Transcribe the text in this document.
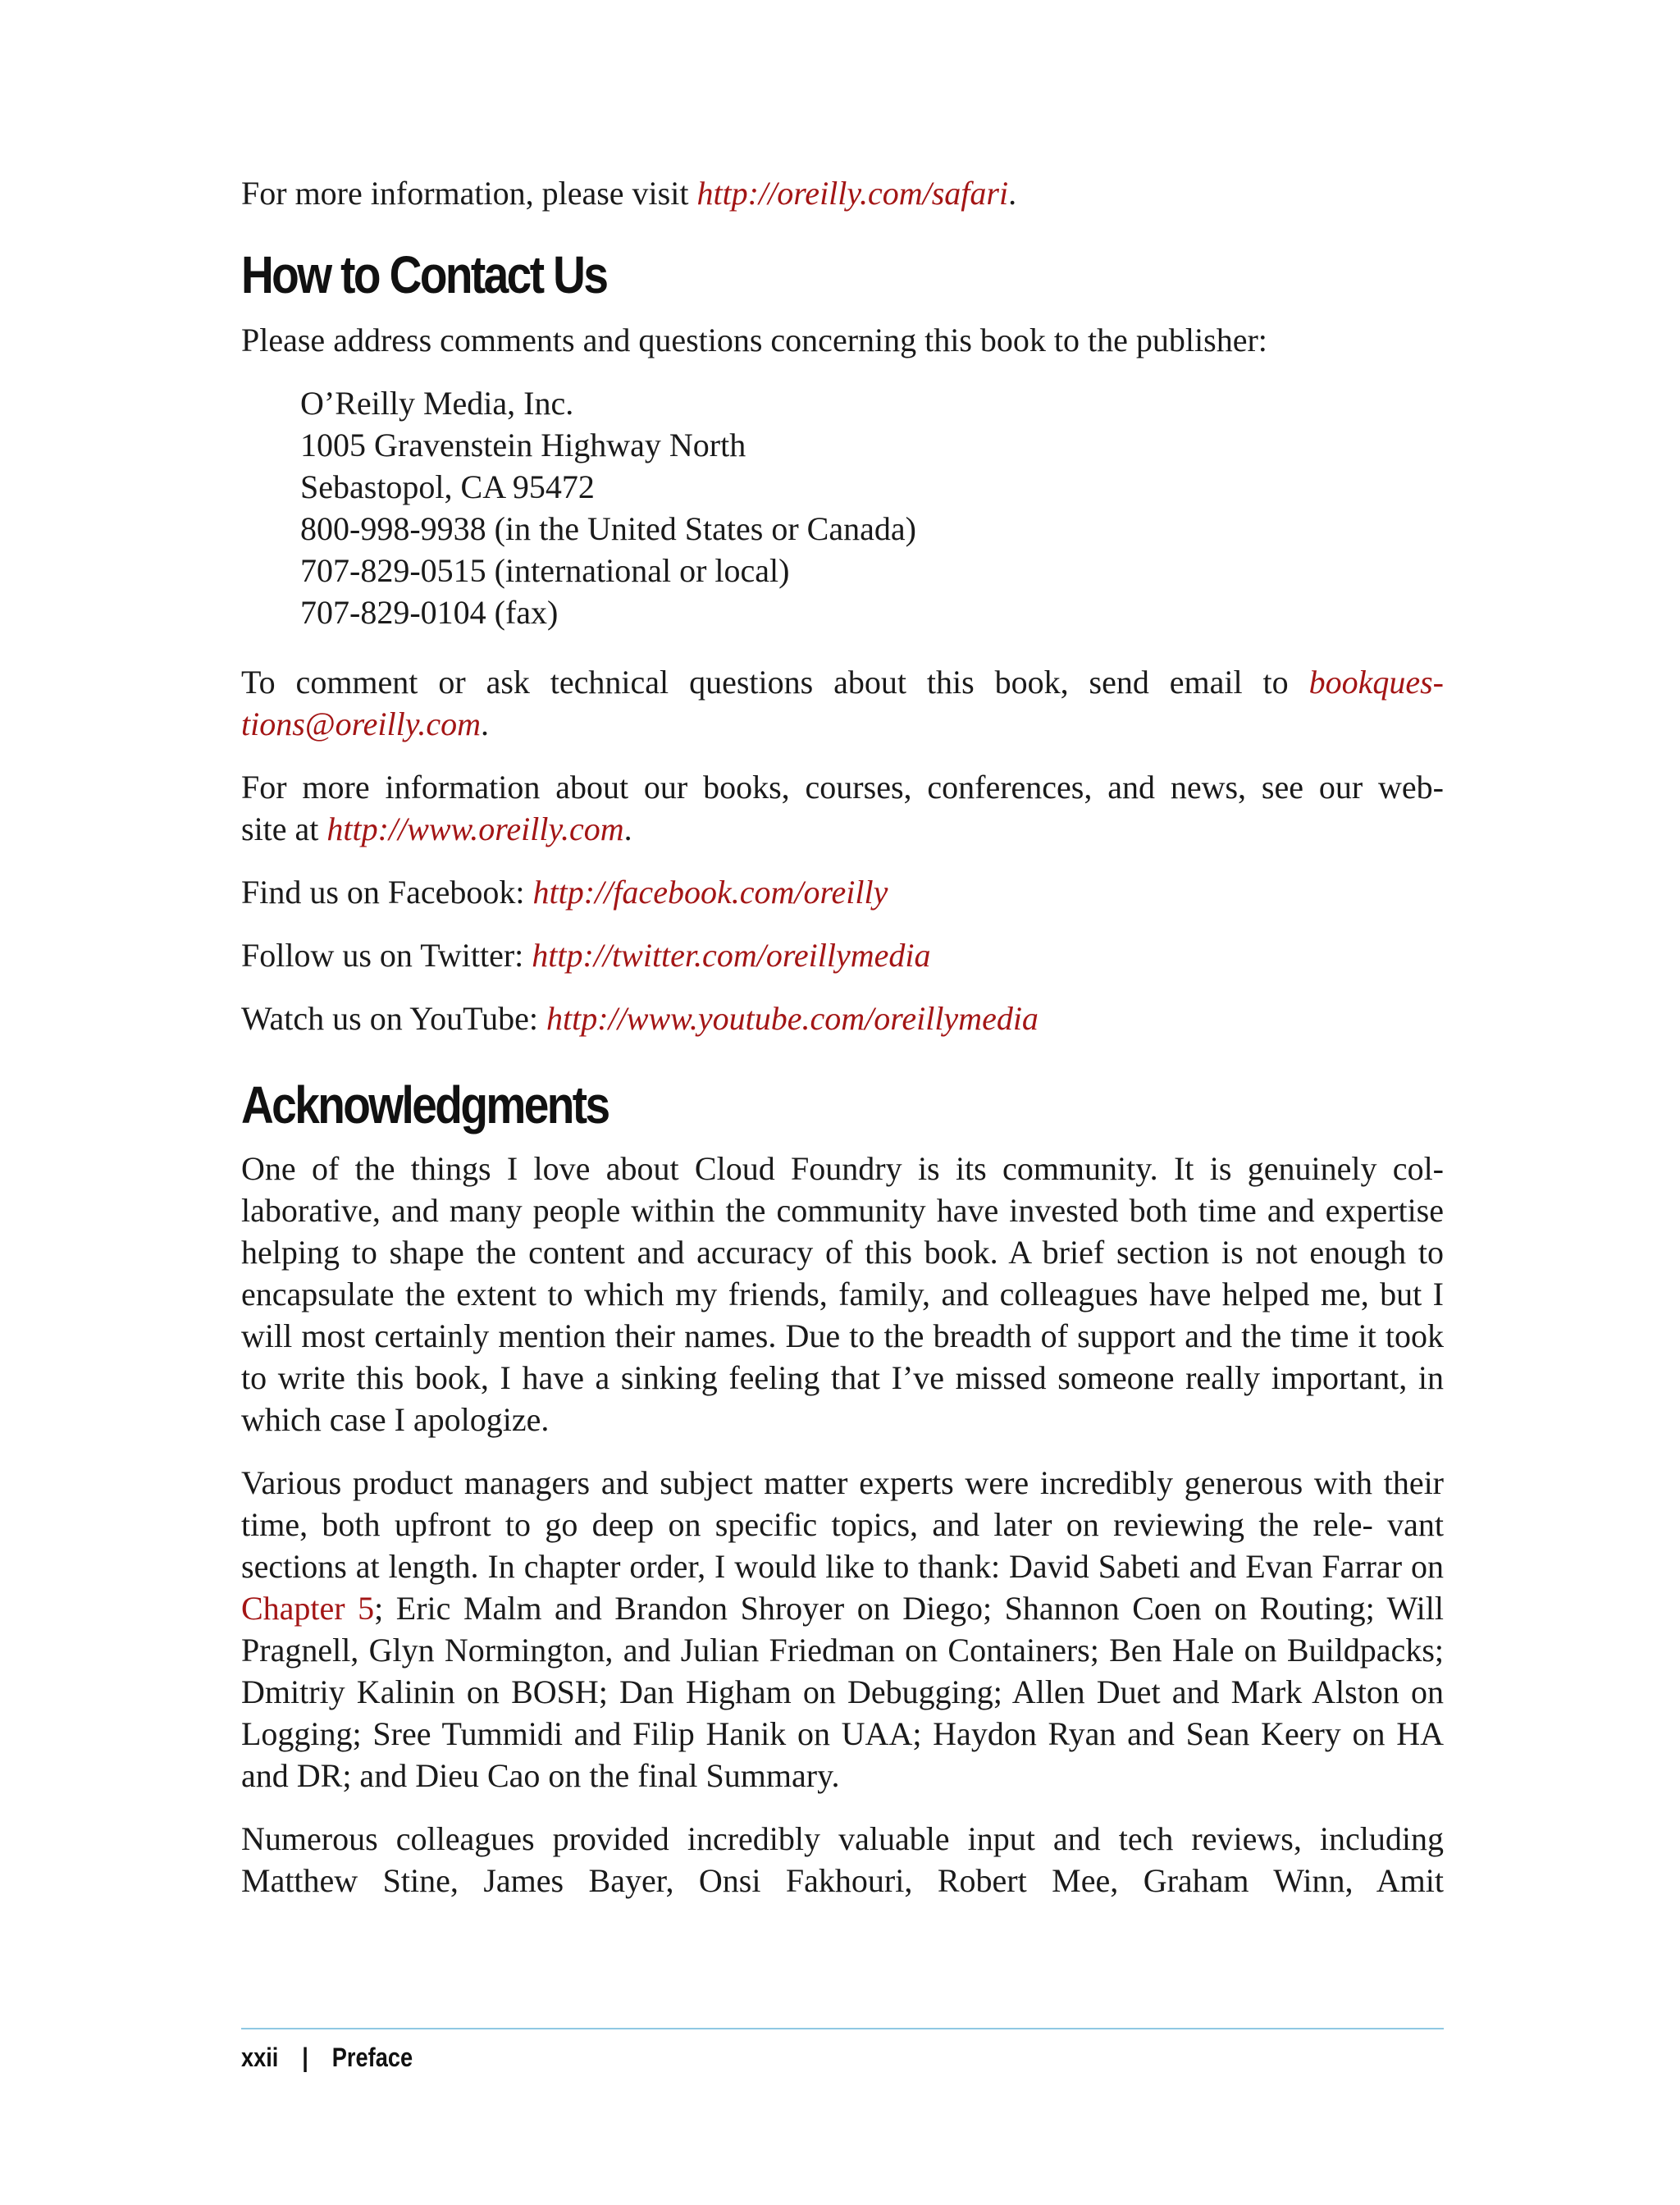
For more information, please visit http://oreilly.com/safari.

How to Contact Us

Please address comments and questions concerning this book to the publisher:

O’Reilly Media, Inc.
1005 Gravenstein Highway North
Sebastopol, CA 95472
800-998-9938 (in the United States or Canada)
707-829-0515 (international or local)
707-829-0104 (fax)

To comment or ask technical questions about this book, send email to bookques-
tions@oreilly.com.

For more information about our books, courses, conferences, and news, see our web-
site at http://www.oreilly.com.

Find us on Facebook: http://facebook.com/oreilly

Follow us on Twitter: http://twitter.com/oreillymedia

Watch us on YouTube: http://www.youtube.com/oreillymedia

Acknowledgments

One of the things I love about Cloud Foundry is its community. It is genuinely col- laborative, and many people within the community have invested both time and expertise helping to shape the content and accuracy of this book. A brief section is not enough to encapsulate the extent to which my friends, family, and colleagues have helped me, but I will most certainly mention their names. Due to the breadth of support and the time it took to write this book, I have a sinking feeling that I’ve missed someone really important, in which case I apologize.

Various product managers and subject matter experts were incredibly generous with their time, both upfront to go deep on specific topics, and later on reviewing the rele- vant sections at length. In chapter order, I would like to thank: David Sabeti and Evan Farrar on Chapter 5; Eric Malm and Brandon Shroyer on Diego; Shannon Coen on Routing; Will Pragnell, Glyn Normington, and Julian Friedman on Containers; Ben Hale on Buildpacks; Dmitriy Kalinin on BOSH; Dan Higham on Debugging; Allen Duet and Mark Alston on Logging; Sree Tummidi and Filip Hanik on UAA; Haydon Ryan and Sean Keery on HA and DR; and Dieu Cao on the final Summary.

Numerous colleagues provided incredibly valuable input and tech reviews, including Matthew Stine, James Bayer, Onsi Fakhouri, Robert Mee, Graham Winn, Amit

xxii | Preface
